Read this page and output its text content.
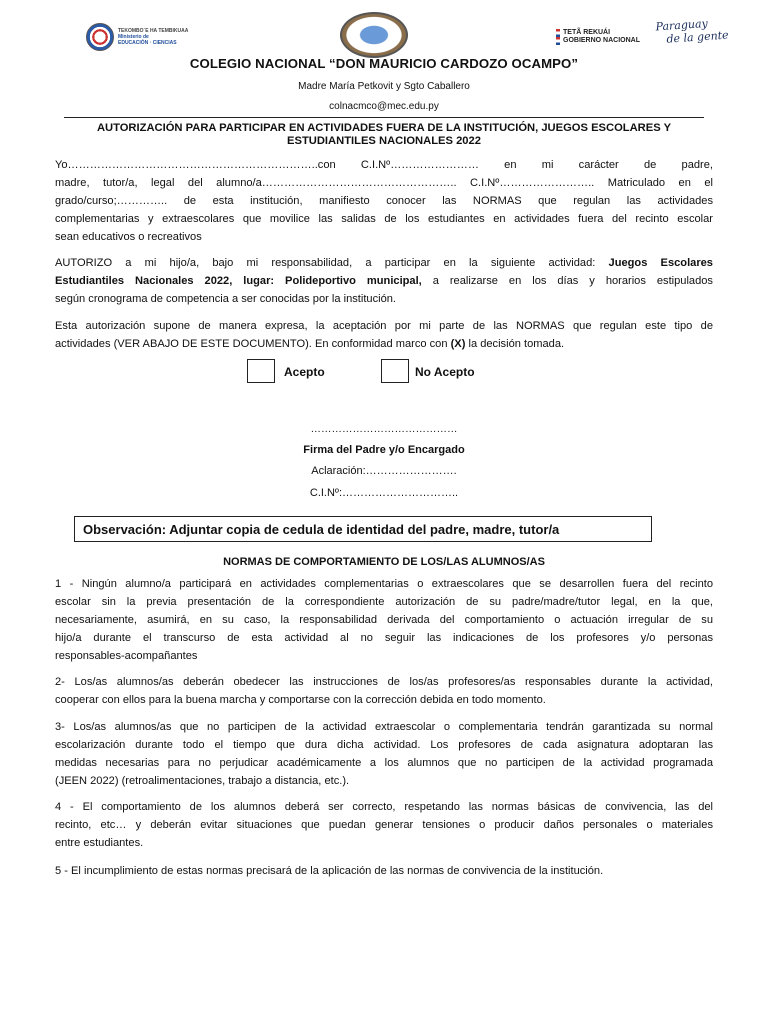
TEKOMBO´E HA TEMBIKUAA
Ministerio de
EDUCACIÓN · CIENCIAS
TETÃ REKUÁI
GOBIERNO NACIONAL
Paraguay
de la gente
COLEGIO NACIONAL “DON MAURICIO CARDOZO OCAMPO”
Madre María Petkovit y Sgto Caballero
colnacmco@mec.edu.py
AUTORIZACIÓN PARA PARTICIPAR EN ACTIVIDADES FUERA DE LA INSTITUCIÓN, JUEGOS ESCOLARES Y ESTUDIANTILES NACIONALES 2022
Yo…………………………………………………………..con C.I.Nº…………………… en mi carácter de padre,
madre, tutor/a, legal del alumno/a…………………………………………….. C.I.Nº…………………….. Matriculado en el
grado/curso;………….. de esta institución, manifiesto conocer las NORMAS que regulan las actividades
complementarias y extraescolares que movilice las salidas de los estudiantes en actividades fuera del recinto escolar
sean educativos o recreativos
AUTORIZO a mi hijo/a, bajo mi responsabilidad, a participar en la siguiente actividad: Juegos Escolares
Estudiantiles Nacionales 2022, lugar: Polideportivo municipal, a realizarse en los días y horarios estipulados
según cronograma de competencia a ser conocidas por la institución.
Esta autorización supone de manera expresa, la aceptación por mi parte de las NORMAS que regulan este tipo de
actividades (VER ABAJO DE ESTE DOCUMENTO). En conformidad marco con (X) la decisión tomada.
Acepto	No Acepto
……………………………………
Firma del Padre y/o Encargado
Aclaración:…………………….
C.I.Nº:…………………………..
Observación: Adjuntar copia de cedula de identidad del padre, madre, tutor/a
NORMAS DE COMPORTAMIENTO DE LOS/LAS ALUMNOS/AS
1 - Ningún alumno/a participará en actividades complementarias o extraescolares que se desarrollen fuera del recinto
escolar sin la previa presentación de la correspondiente autorización de su padre/madre/tutor legal, en la que,
necesariamente, asumirá, en su caso, la responsabilidad derivada del comportamiento o actuación irregular de su
hijo/a durante el transcurso de esta actividad al no seguir las indicaciones de los profesores y/o personas
responsables-acompañantes
2- Los/as alumnos/as deberán obedecer las instrucciones de los/as profesores/as responsables durante la actividad,
cooperar con ellos para la buena marcha y comportarse con la corrección debida en todo momento.
3- Los/as alumnos/as que no participen de la actividad extraescolar o complementaria tendrán garantizada su normal
escolarización durante todo el tiempo que dura dicha actividad. Los profesores de cada asignatura adoptaran las
medidas necesarias para no perjudicar académicamente a los alumnos que no participen de la actividad programada
(JEEN 2022) (retroalimentaciones, trabajo a distancia, etc.).
4 - El comportamiento de los alumnos deberá ser correcto, respetando las normas básicas de convivencia, las del
recinto, etc… y deberán evitar situaciones que puedan generar tensiones o producir daños personales o materiales
entre estudiantes.
5 - El incumplimiento de estas normas precisará de la aplicación de las normas de convivencia de la institución.
